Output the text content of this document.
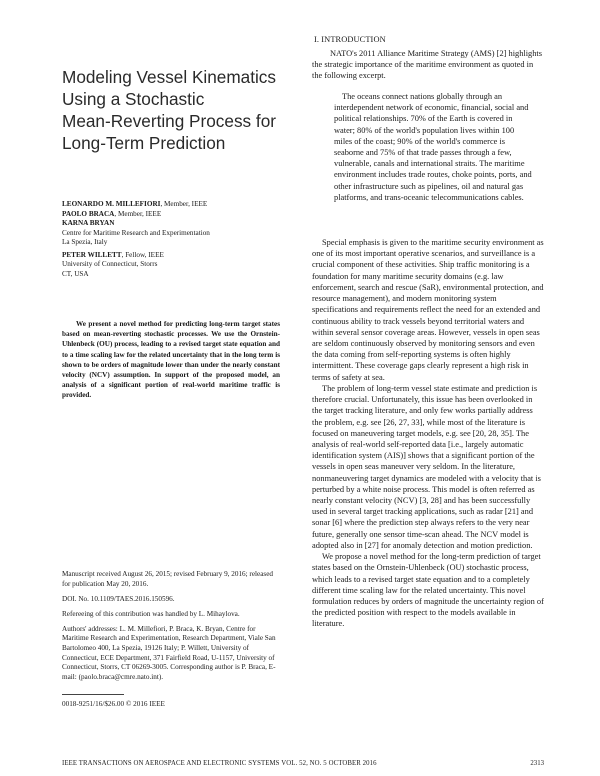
Modeling Vessel Kinematics
Using a Stochastic
Mean-Reverting Process for
Long-Term Prediction
LEONARDO M. MILLEFIORI, Member, IEEE
PAOLO BRACA, Member, IEEE
KARNA BRYAN
Centre for Maritime Research and Experimentation
La Spezia, Italy
PETER WILLETT, Fellow, IEEE
University of Connecticut, Storrs
CT, USA

We present a novel method for predicting long-term target states based on mean-reverting stochastic processes. We use the Ornstein-Uhlenbeck (OU) process, leading to a revised target state equation and to a time scaling law for the related uncertainty that in the long term is shown to be orders of magnitude lower than under the nearly constant velocity (NCV) assumption. In support of the proposed model, an analysis of a significant portion of real-world maritime traffic is provided.

Manuscript received August 26, 2015; revised February 9, 2016; released for publication May 20, 2016.

DOI. No. 10.1109/TAES.2016.150596.

Refereeing of this contribution was handled by L. Mihaylova.

Authors' addresses: L. M. Millefiori, P. Braca, K. Bryan, Centre for Maritime Research and Experimentation, Research Department, Viale San Bartolomeo 400, La Spezia, 19126 Italy; P. Willett, University of Connecticut, ECE Department, 371 Fairfield Road, U-1157, University of Connecticut, Storrs, CT 06269-3005. Corresponding author is P. Braca, E-mail: (paolo.braca@cmre.nato.int).

0018-9251/16/$26.00 © 2016 IEEE
I. INTRODUCTION

NATO's 2011 Alliance Maritime Strategy (AMS) [2] highlights the strategic importance of the maritime environment as quoted in the following excerpt.

The oceans connect nations globally through an interdependent network of economic, financial, social and political relationships. 70% of the Earth is covered in water; 80% of the world's population lives within 100 miles of the coast; 90% of the world's commerce is seaborne and 75% of that trade passes through a few, vulnerable, canals and international straits. The maritime environment includes trade routes, choke points, ports, and other infrastructure such as pipelines, oil and natural gas platforms, and trans-oceanic telecommunications cables.

Special emphasis is given to the maritime security environment as one of its most important operative scenarios, and surveillance is a crucial component of these activities. Ship traffic monitoring is a foundation for many maritime security domains (e.g. law enforcement, search and rescue (SaR), environmental protection, and resource management), and modern monitoring system specifications and requirements reflect the need for an extended and continuous ability to track vessels beyond territorial waters and within several sensor coverage areas. However, vessels in open seas are seldom continuously observed by monitoring sensors and even the data coming from self-reporting systems is often highly intermittent. These coverage gaps clearly represent a high risk in terms of safety at sea.

The problem of long-term vessel state estimate and prediction is therefore crucial. Unfortunately, this issue has been overlooked in the target tracking literature, and only few works partially address the problem, e.g. see [26, 27, 33], while most of the literature is focused on maneuvering target models, e.g. see [20, 28, 35]. The analysis of real-world self-reported data [i.e., largely automatic identification system (AIS)] shows that a significant portion of the vessels in open seas maneuver very seldom. In the literature, nonmaneuvering target dynamics are modeled with a velocity that is perturbed by a white noise process. This model is often referred as nearly constant velocity (NCV) [3, 28] and has been successfully used in several target tracking applications, such as radar [21] and sonar [6] where the prediction step always refers to the very near future, generally one sensor time-scan ahead. The NCV model is adopted also in [27] for anomaly detection and motion prediction.

We propose a novel method for the long-term prediction of target states based on the Ornstein-Uhlenbeck (OU) stochastic process, which leads to a revised target state equation and to a completely different time scaling law for the related uncertainty. This novel formulation reduces by orders of magnitude the uncertainty region of the predicted position with respect to the models available in literature.

IEEE TRANSACTIONS ON AEROSPACE AND ELECTRONIC SYSTEMS VOL. 52, NO. 5 OCTOBER 2016	2313
